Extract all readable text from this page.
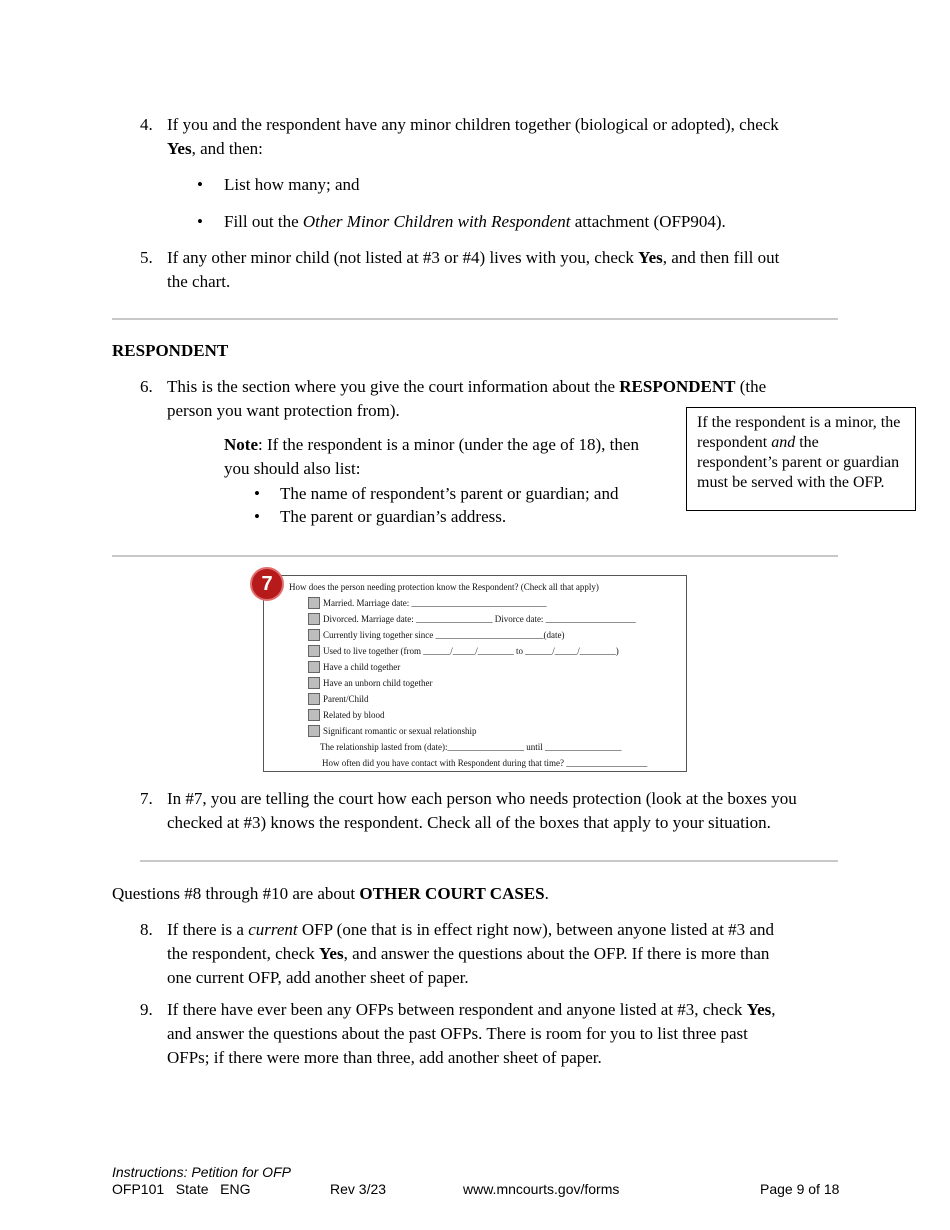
4. If you and the respondent have any minor children together (biological or adopted), check
Yes, and then:
• List how many; and
• Fill out the Other Minor Children with Respondent attachment (OFP904).
5. If any other minor child (not listed at #3 or #4) lives with you, check Yes, and then fill out
the chart.
RESPONDENT
6. This is the section where you give the court information about the RESPONDENT (the
person you want protection from).
Note: If the respondent is a minor (under the age of 18), then
you should also list:
• The name of respondent’s parent or guardian; and
• The parent or guardian’s address.
If the respondent is a minor, the
respondent and the
respondent’s parent or guardian
must be served with the OFP.
How does the person needing protection know the Respondent? (Check all that apply)
Married. Marriage date: ______________________________
Divorced. Marriage date: _________________ Divorce date: ____________________
Currently living together since ________________________(date)
Used to live together (from ______/_____/________ to ______/_____/________)
Have a child together
Have an unborn child together
Parent/Child
Related by blood
Significant romantic or sexual relationship
The relationship lasted from (date):_________________ until _________________
How often did you have contact with Respondent during that time? __________________
7
7. In #7, you are telling the court how each person who needs protection (look at the boxes you
checked at #3) knows the respondent. Check all of the boxes that apply to your situation.
Questions #8 through #10 are about OTHER COURT CASES.
8. If there is a current OFP (one that is in effect right now), between anyone listed at #3 and
the respondent, check Yes, and answer the questions about the OFP. If there is more than
one current OFP, add another sheet of paper.
9. If there have ever been any OFPs between respondent and anyone listed at #3, check Yes,
and answer the questions about the past OFPs. There is room for you to list three past
OFPs; if there were more than three, add another sheet of paper.
Instructions: Petition for OFP
OFP101   State   ENG	Rev 3/23	www.mncourts.gov/forms	Page 9 of 18
